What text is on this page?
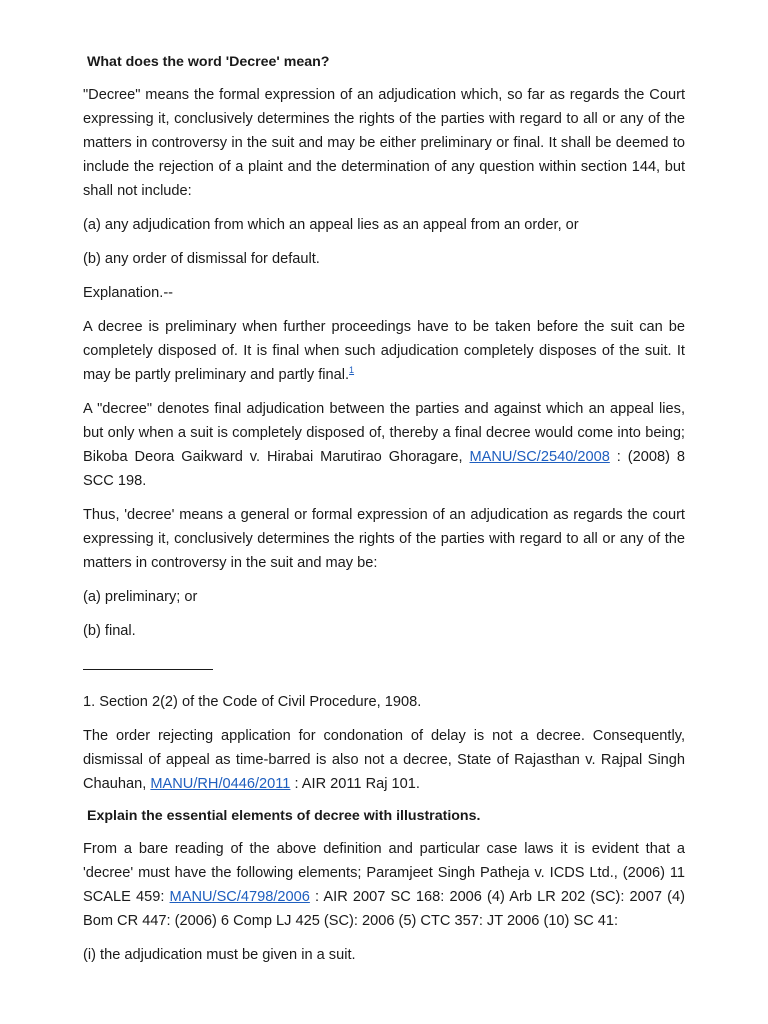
What does the word 'Decree' mean?
"Decree" means the formal expression of an adjudication which, so far as regards the Court expressing it, conclusively determines the rights of the parties with regard to all or any of the matters in controversy in the suit and may be either preliminary or final. It shall be deemed to include the rejection of a plaint and the determination of any question within section 144, but shall not include:
(a) any adjudication from which an appeal lies as an appeal from an order, or
(b) any order of dismissal for default.
Explanation.--
A decree is preliminary when further proceedings have to be taken before the suit can be completely disposed of. It is final when such adjudication completely disposes of the suit. It may be partly preliminary and partly final.$^1$
A "decree" denotes final adjudication between the parties and against which an appeal lies, but only when a suit is completely disposed of, thereby a final decree would come into being; Bikoba Deora Gaikward v. Hirabai Marutirao Ghoragare, MANU/SC/2540/2008 : (2008) 8 SCC 198.
Thus, 'decree' means a general or formal expression of an adjudication as regards the court expressing it, conclusively determines the rights of the parties with regard to all or any of the matters in controversy in the suit and may be:
(a) preliminary; or
(b) final.
1. Section 2(2) of the Code of Civil Procedure, 1908.
The order rejecting application for condonation of delay is not a decree. Consequently, dismissal of appeal as time-barred is also not a decree, State of Rajasthan v. Rajpal Singh Chauhan, MANU/RH/0446/2011 : AIR 2011 Raj 101.
Explain the essential elements of decree with illustrations.
From a bare reading of the above definition and particular case laws it is evident that a 'decree' must have the following elements; Paramjeet Singh Patheja v. ICDS Ltd., (2006) 11 SCALE 459: MANU/SC/4798/2006 : AIR 2007 SC 168: 2006 (4) Arb LR 202 (SC): 2007 (4) Bom CR 447: (2006) 6 Comp LJ 425 (SC): 2006 (5) CTC 357: JT 2006 (10) SC 41:
(i) the adjudication must be given in a suit.
